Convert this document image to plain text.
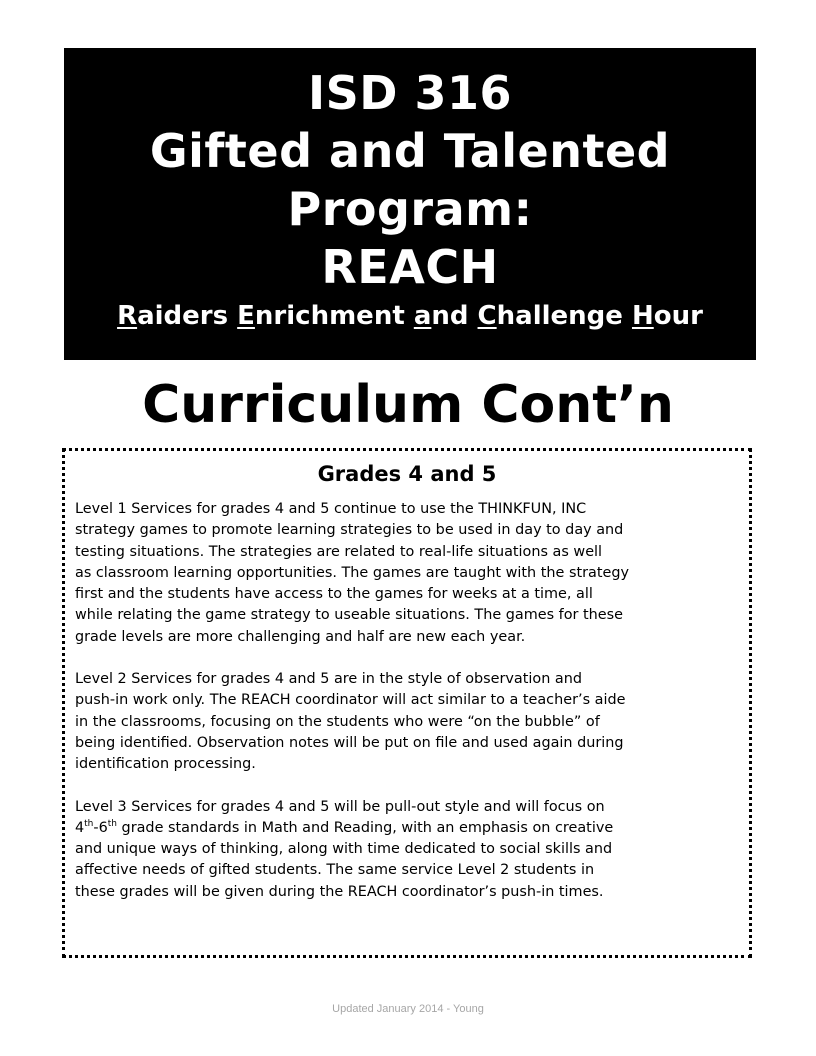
ISD 316
Gifted and Talented
Program:
REACH
Raiders Enrichment and Challenge Hour
Curriculum Cont’n
Grades 4 and 5
Level 1 Services for grades 4 and 5 continue to use the THINKFUN, INC
strategy games to promote learning strategies to be used in day to day and
testing situations. The strategies are related to real-life situations as well
as classroom learning opportunities. The games are taught with the strategy
first and the students have access to the games for weeks at a time, all
while relating the game strategy to useable situations. The games for these
grade levels are more challenging and half are new each year.
Level 2 Services for grades 4 and 5 are in the style of observation and
push-in work only. The REACH coordinator will act similar to a teacher’s aide
in the classrooms, focusing on the students who were “on the bubble” of
being identified. Observation notes will be put on file and used again during
identification processing.
Level 3 Services for grades 4 and 5 will be pull-out style and will focus on
4th-6th grade standards in Math and Reading, with an emphasis on creative
and unique ways of thinking, along with time dedicated to social skills and
affective needs of gifted students. The same service Level 2 students in
these grades will be given during the REACH coordinator’s push-in times.
Updated January 2014 - Young
